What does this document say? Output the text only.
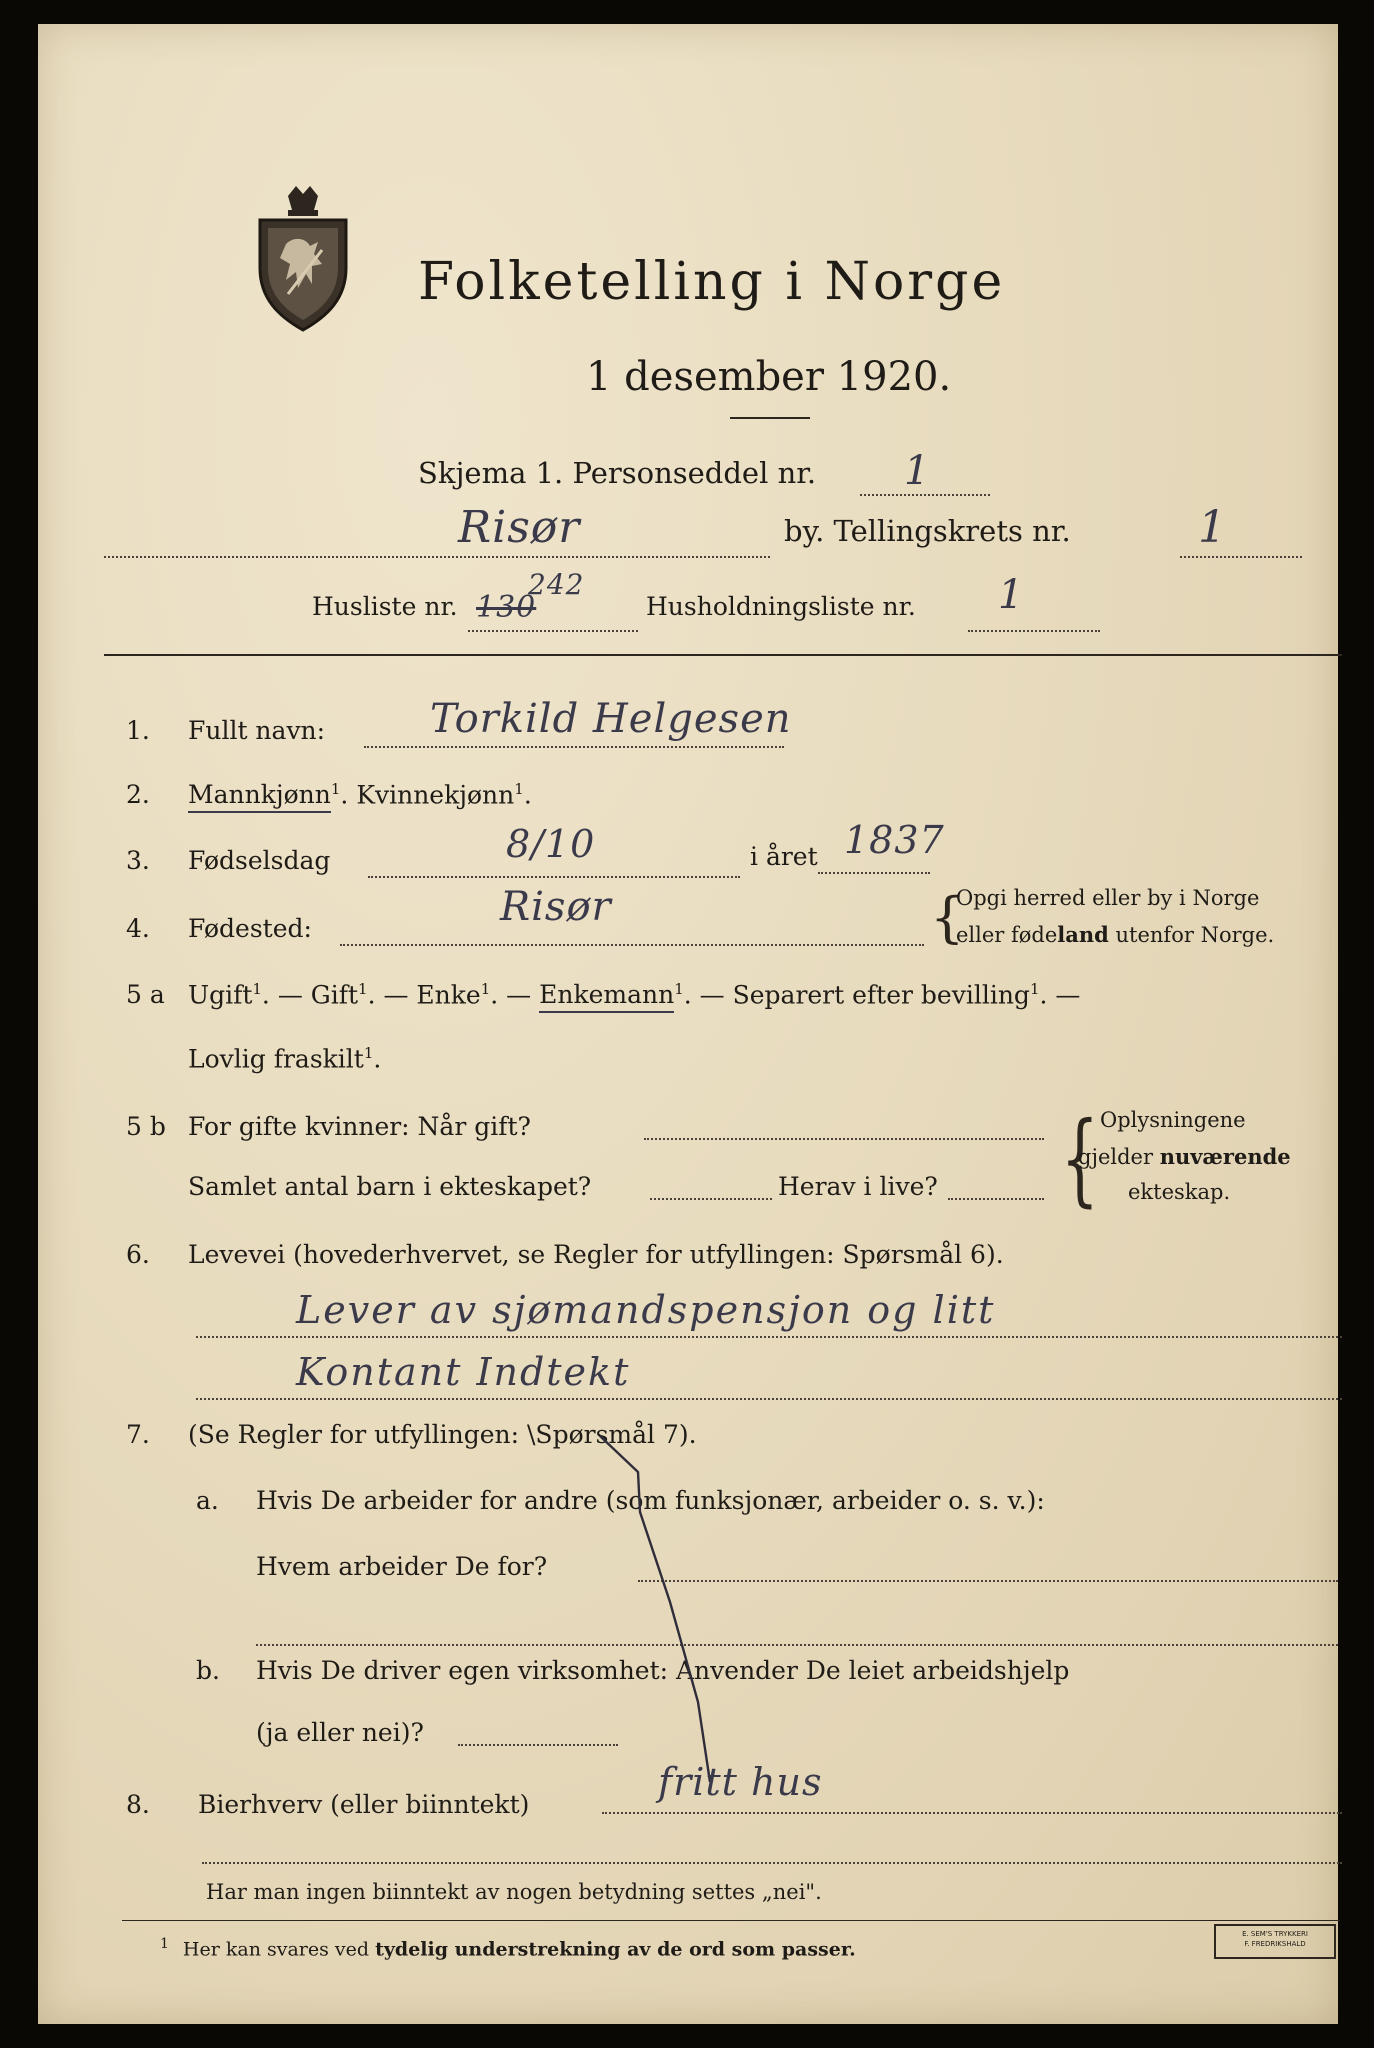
Folketelling i Norge
1 desember 1920.
Skjema 1. Personseddel nr. 1
Risør	by. Tellingskrets nr.	1
Husliste nr. 130
242
Husholdningsliste nr. 1
1. Fullt navn:	Torkild Helgesen
2. Mannkjønn$^1$. Kvinnekjønn$^1$.
3. Fødselsdag	8/10	i året 1837
4. Fødested:	Risør	{
Opgi herred eller by i Norge
eller fødeland utenfor Norge.
5 a Ugift$^1$. — Gift$^1$. — Enke$^1$. — Enkemann$^1$. — Separert efter bevilling$^1$. —
Lovlig fraskilt$^1$.
5 b For gifte kvinner: Når gift?
Samlet antal barn i ekteskapet?	Herav i live? { Oplysningene
gjelder nuværende
ekteskap.
6. Levevei (hovederhvervet, se Regler for utfyllingen: Spørsmål 6).
Lever av sjømandspensjon og litt
Kontant Indtekt
7. (Se Regler for utfyllingen: \Spørsmål 7).
a. Hvis De arbeider for andre (som funksjonær, arbeider o. s. v.):
Hvem arbeider De for?
b. Hvis De driver egen virksomhet: Anvender De leiet arbeidshjelp
(ja eller nei)?
8. Bierhverv (eller biinntekt)
fritt hus
Har man ingen biinntekt av nogen betydning settes „nei".
$^1$ Her kan svares ved tydelig understrekning av de ord som passer.
E. SEM'S TRYKKERI
F. FREDRIKSHALD
